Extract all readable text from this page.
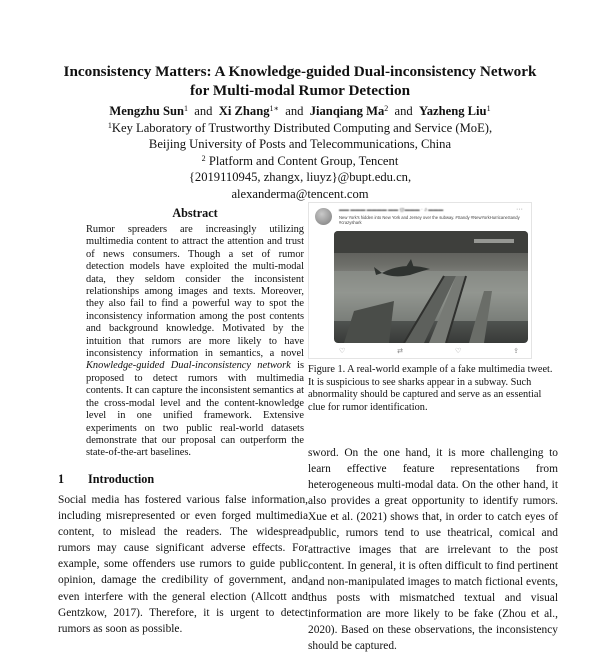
Inconsistency Matters: A Knowledge-guided Dual-inconsistency Network
for Multi-modal Rumor Detection
Mengzhu Sun$^1$ and Xi Zhang$^{1∗}$ and Jianqiang Ma$^2$ and Yazheng Liu$^1$
$^1$Key Laboratory of Trustworthy Distributed Computing and Service (MoE),
Beijing University of Posts and Telecommunications, China
$^2$ Platform and Content Group, Tencent
{2019110945, zhangx, liuyz}@bupt.edu.cn,
alexanderma@tencent.com
Abstract
Rumor spreaders are increasingly utilizing multimedia content to attract the attention and trust of news consumers. Though a set of rumor detection models have exploited the multi-modal data, they seldom consider the inconsistent relationships among images and texts. Moreover, they also fail to find a powerful way to spot the inconsistency information among the post contents and background knowledge. Motivated by the intuition that rumors are more likely to have inconsistency information in semantics, a novel Knowledge-guided Dual-inconsistency network is proposed to detect rumors with multimedia contents. It can capture the inconsistent semantics at the cross-modal level and the content-knowledge level in one unified framework. Extensive experiments on two public real-world datasets demonstrate that our proposal can outperform the state-of-the-art baselines.
1 Introduction
Social media has fostered various false information, including misrepresented or even forged multimedia content, to mislead the readers. The widespread rumors may cause significant adverse effects. For example, some offenders use rumors to guide public opinion, damage the credibility of government, and even interfere with the general election (Allcott and Gentzkow, 2017). Therefore, it is urgent to detect rumors as soon as possible.
▬▬ ▬▬▬ ▬▬▬▬ ▬▬ @▬▬▬ · 3 ▬▬▬	···
New York's hidden into New York and Jersey over the subway. #Sandy #NewYorkHurricaneSandy #crazyshark
♡	⇄	♡	⇪
Figure 1. A real-world example of a fake multimedia tweet. It is suspicious to see sharks appear in a subway. Such abnormality should be captured and serve as an essential clue for rumor identification.
sword. On the one hand, it is more challenging to learn effective feature representations from heterogeneous multi-modal data. On the other hand, it also provides a great opportunity to identify rumors. Xue et al. (2021) shows that, in order to catch eyes of public, rumors tend to use theatrical, comical and attractive images that are irrelevant to the post content. In general, it is often difficult to find pertinent and non-manipulated images to match fictional events, thus posts with mismatched textual and visual information are more likely to be fake (Zhou et al., 2020). Based on these observations, the inconsistency should be captured.
